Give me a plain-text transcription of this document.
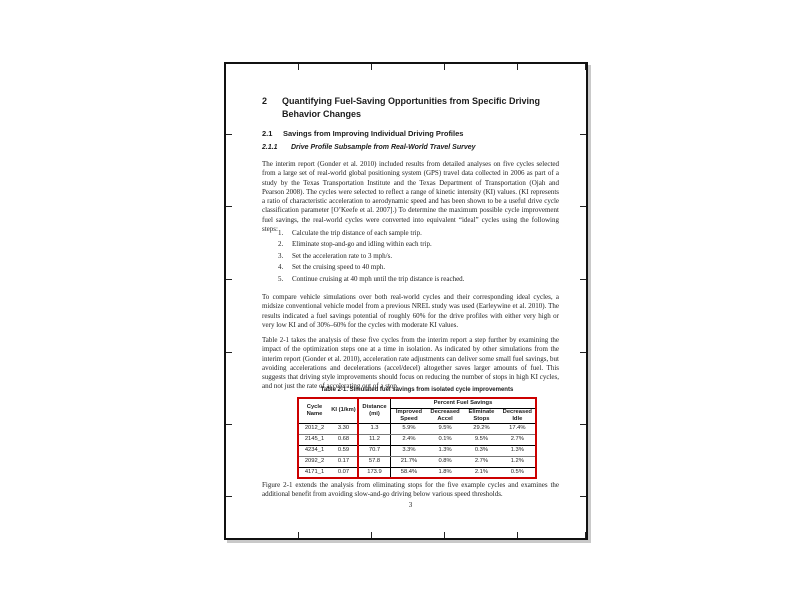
2	Quantifying Fuel-Saving Opportunities from Specific Driving Behavior Changes
2.1	Savings from Improving Individual Driving Profiles
2.1.1	Drive Profile Subsample from Real-World Travel Survey

The interim report (Gonder et al. 2010) included results from detailed analyses on five cycles selected from a large set of real-world global positioning system (GPS) travel data collected in 2006 as part of a study by the Texas Transportation Institute and the Texas Department of Transportation (Ojah and Pearson 2008). The cycles were selected to reflect a range of kinetic intensity (KI) values. (KI represents a ratio of characteristic acceleration to aerodynamic speed and has been shown to be a useful drive cycle classification parameter [O’Keefe et al. 2007].) To determine the maximum possible cycle improvement fuel savings, the real-world cycles were converted into equivalent “ideal” cycles using the following steps: 1.	Calculate the trip distance of each sample trip.
2.	Eliminate stop-and-go and idling within each trip.
3.	Set the acceleration rate to 3 mph/s.
4.	Set the cruising speed to 40 mph.
5.	Continue cruising at 40 mph until the trip distance is reached.

To compare vehicle simulations over both real-world cycles and their corresponding ideal cycles, a midsize conventional vehicle model from a previous NREL study was used (Earleywine et al. 2010). The results indicated a fuel savings potential of roughly 60% for the drive profiles with either very high or very low KI and of 30%–60% for the cycles with moderate KI values.

Table 2-1 takes the analysis of these five cycles from the interim report a step further by examining the impact of the optimization steps one at a time in isolation. As indicated by other simulations from the interim report (Gonder et al. 2010), acceleration rate adjustments can deliver some small fuel savings, but avoiding accelerations and decelerations (accel/decel) altogether saves larger amounts of fuel. This suggests that driving style improvements should focus on reducing the number of stops in high KI cycles, and not just the rate of accelerating out of a stop.

Table 2-1. Simulated fuel savings from isolated cycle improvements
Cycle Name	KI (1/km)	Distance (mi)	Percent Fuel Savings			
			Improved Speed	Decreased Accel	Eliminate Stops	Decreased Idle
2012_2	3.30	1.3	5.9%	9.5%	29.2%	17.4%
2145_1	0.68	11.2	2.4%	0.1%	9.5%	2.7%
4234_1	0.59	70.7	3.3%	1.3%	0.3%	1.3%
2092_2	0.17	57.8	21.7%	0.8%	2.7%	1.2%
4171_1	0.07	173.9	58.4%	1.8%	2.1%	0.5%

Figure 2-1 extends the analysis from eliminating stops for the five example cycles and examines the additional benefit from avoiding slow-and-go driving below various speed thresholds.

3
